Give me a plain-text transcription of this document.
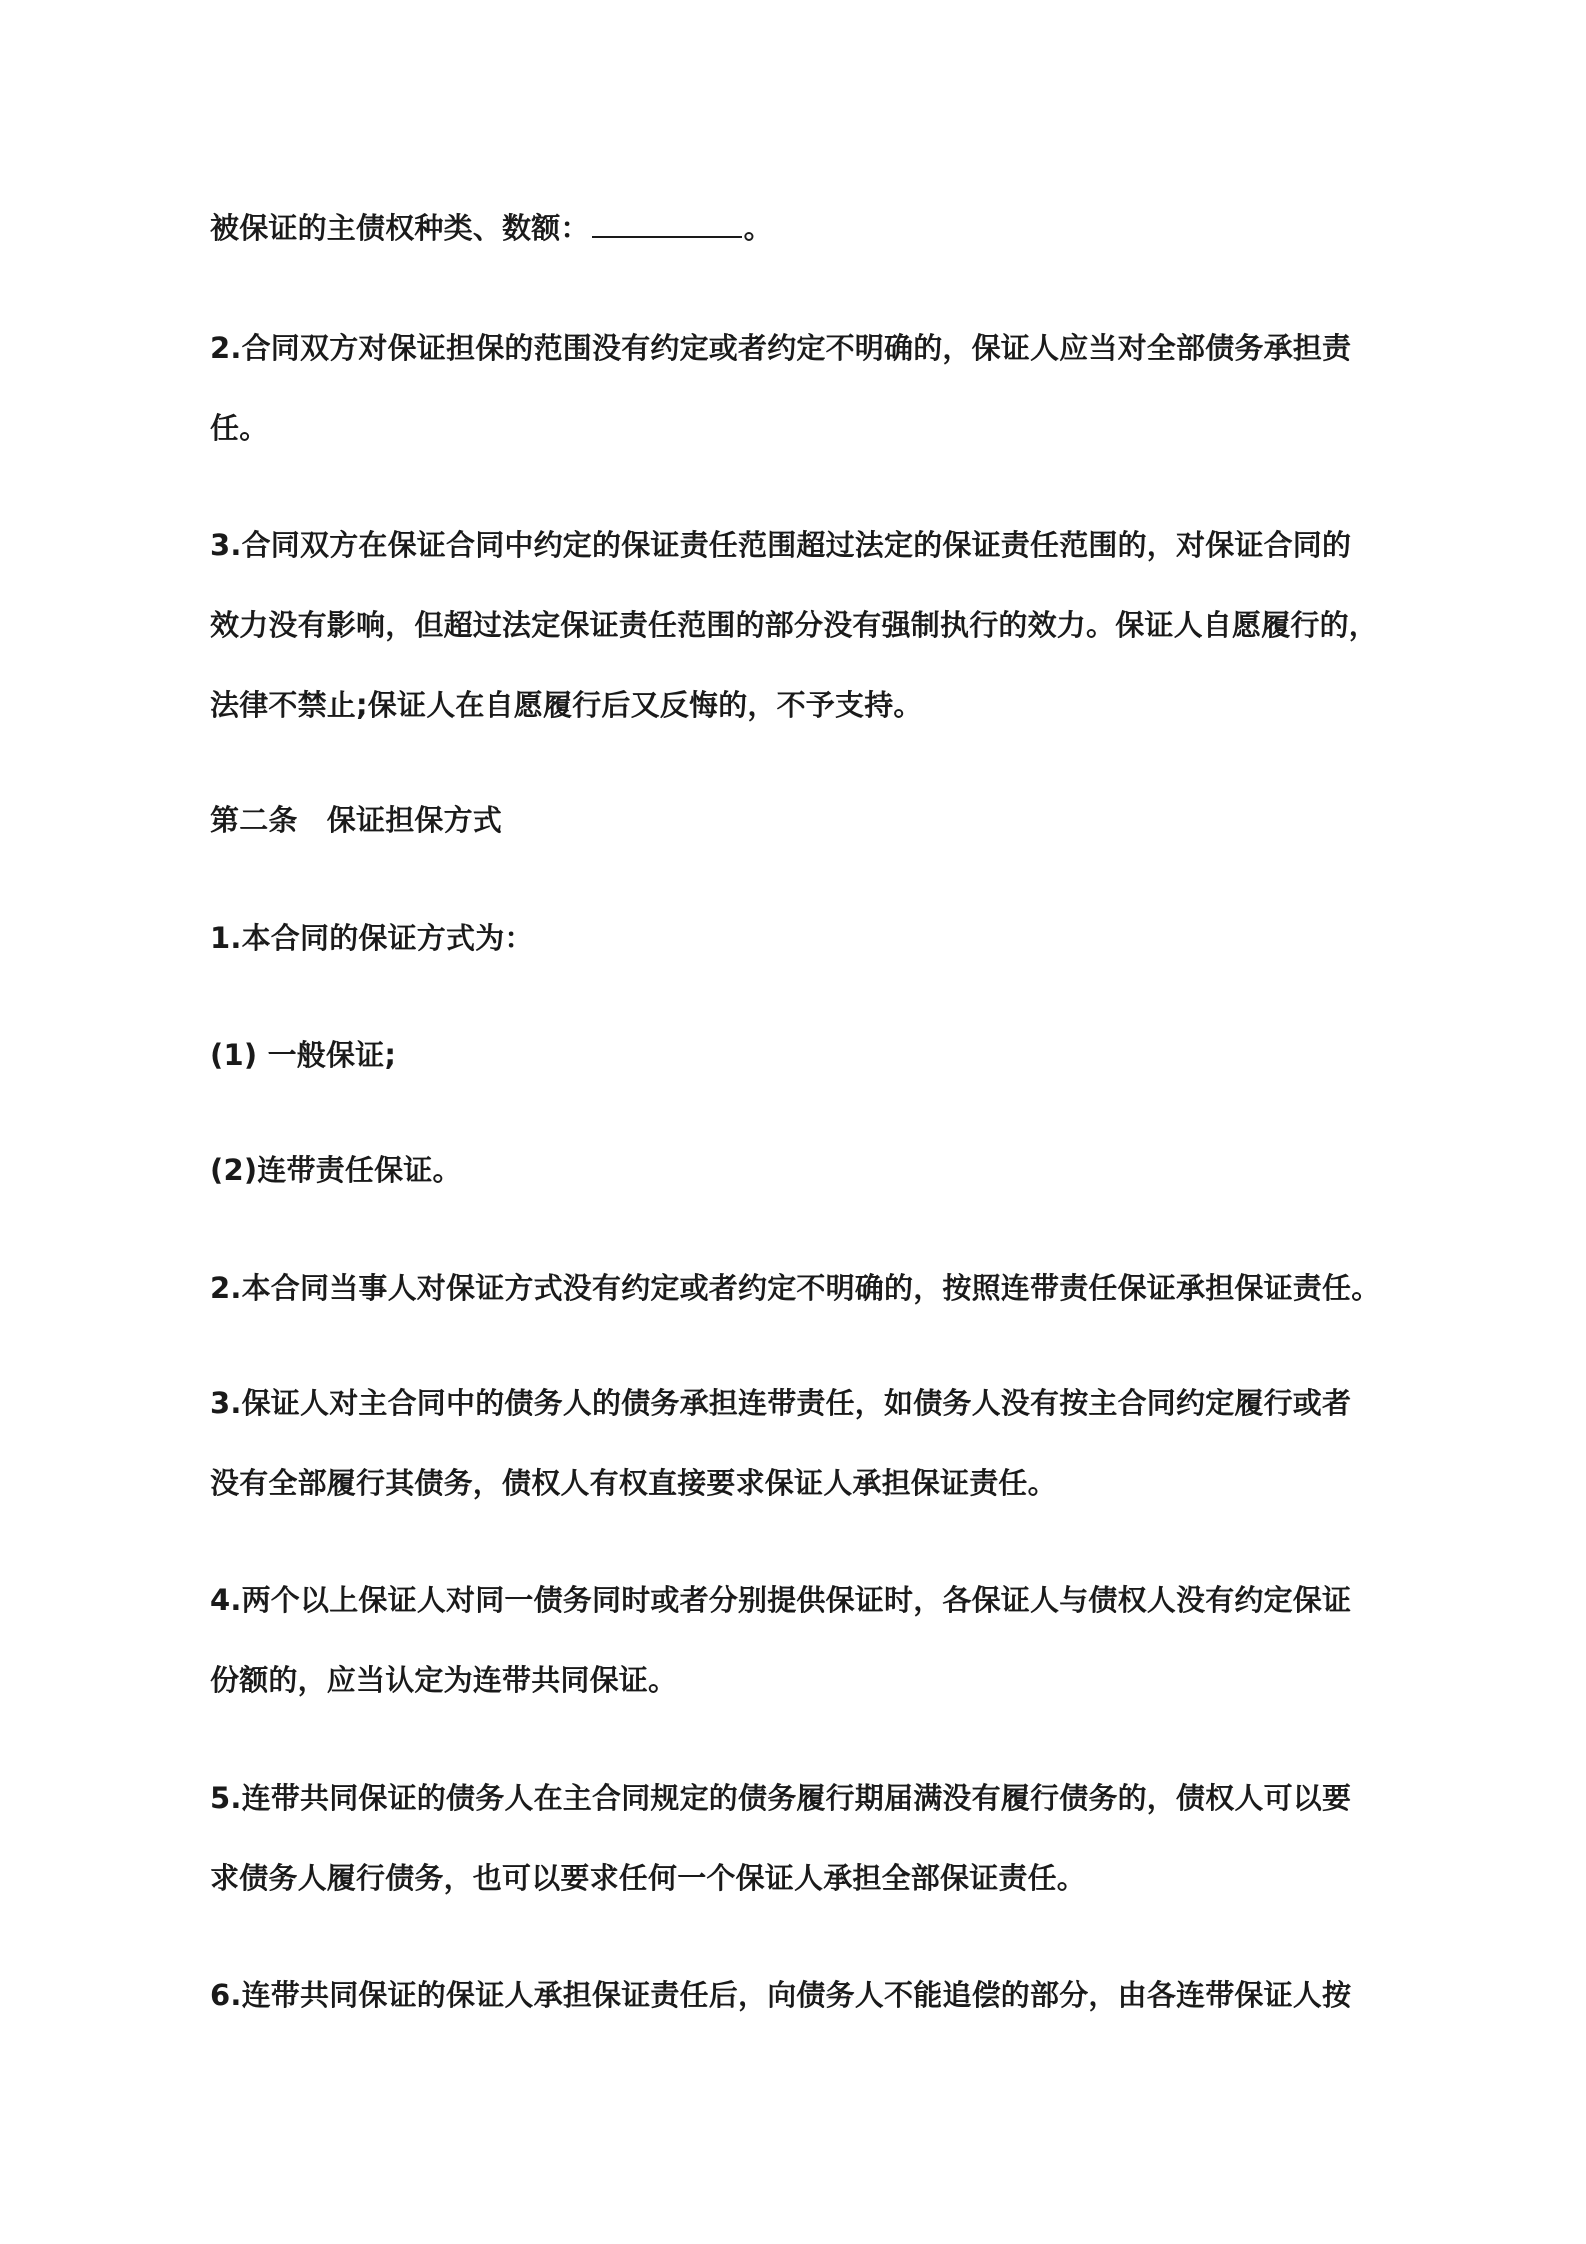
被保证的主债权种类、数额：	。
2.合同双方对保证担保的范围没有约定或者约定不明确的，保证人应当对全部债务承担责
任。
3.合同双方在保证合同中约定的保证责任范围超过法定的保证责任范围的，对保证合同的
效力没有影响，但超过法定保证责任范围的部分没有强制执行的效力。保证人自愿履行的，
法律不禁止;保证人在自愿履行后又反悔的，不予支持。
第二条　保证担保方式
1.本合同的保证方式为：
(1) 一般保证;
(2)连带责任保证。
2.本合同当事人对保证方式没有约定或者约定不明确的，按照连带责任保证承担保证责任。
3.保证人对主合同中的债务人的债务承担连带责任，如债务人没有按主合同约定履行或者
没有全部履行其债务，债权人有权直接要求保证人承担保证责任。
4.两个以上保证人对同一债务同时或者分别提供保证时，各保证人与债权人没有约定保证
份额的，应当认定为连带共同保证。
5.连带共同保证的债务人在主合同规定的债务履行期届满没有履行债务的，债权人可以要
求债务人履行债务，也可以要求任何一个保证人承担全部保证责任。
6.连带共同保证的保证人承担保证责任后，向债务人不能追偿的部分，由各连带保证人按
